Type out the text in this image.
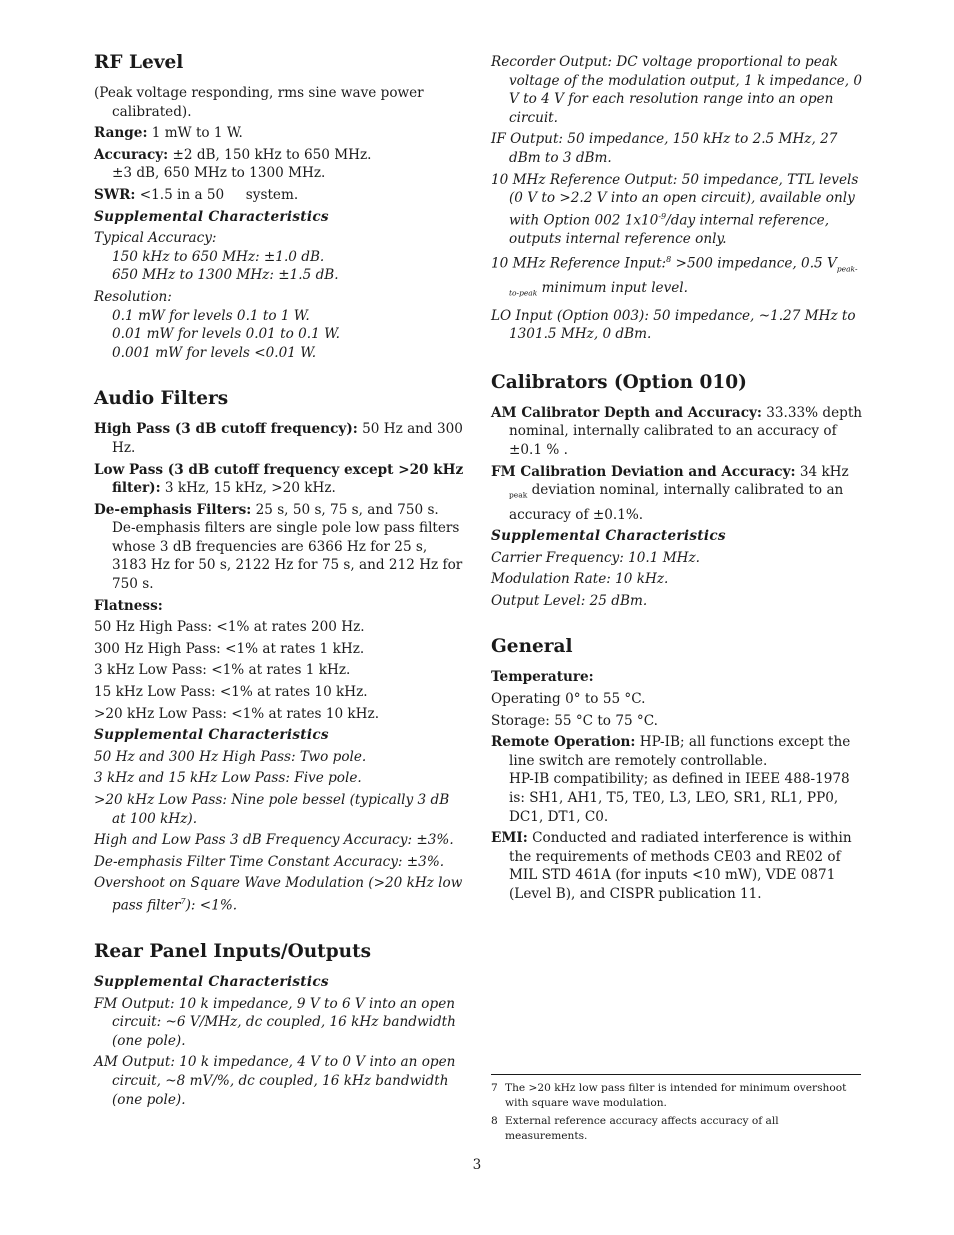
RF Level

(Peak voltage responding, rms sine wave power calibrated).

Range: 1 mW to 1 W.

Accuracy: ±2 dB, 150 kHz to 650 MHz.

±3 dB, 650 MHz to 1300 MHz.

SWR: <1.5 in a 50     system.

Supplemental Characteristics

Typical Accuracy:

150 kHz to 650 MHz: ±1.0 dB.

650 MHz to 1300 MHz: ±1.5 dB.

Resolution:

0.1 mW for levels 0.1 to 1 W.

0.01 mW for levels 0.01 to 0.1 W.

0.001 mW for levels <0.01 W.

Audio Filters

High Pass (3 dB cutoff frequency): 50 Hz and 300 Hz.

Low Pass (3 dB cutoff frequency except >20 kHz filter): 3 kHz, 15 kHz, >20 kHz.

De-emphasis Filters: 25 s, 50 s, 75 s, and 750 s. De-emphasis filters are single pole low pass filters whose 3 dB frequencies are 6366 Hz for 25 s, 3183 Hz for 50 s, 2122 Hz for 75 s, and 212 Hz for 750 s.

Flatness:

50 Hz High Pass: <1% at rates 200 Hz.

300 Hz High Pass: <1% at rates 1 kHz.

3 kHz Low Pass: <1% at rates 1 kHz.

15 kHz Low Pass: <1% at rates 10 kHz.

>20 kHz Low Pass: <1% at rates 10 kHz.

Supplemental Characteristics

50 Hz and 300 Hz High Pass: Two pole.

3 kHz and 15 kHz Low Pass: Five pole.

>20 kHz Low Pass: Nine pole bessel (typically 3 dB at 100 kHz).

High and Low Pass 3 dB Frequency Accuracy: ±3%.

De-emphasis Filter Time Constant Accuracy: ±3%.

Overshoot on Square Wave Modulation (>20 kHz low pass filter$^7$): <1%.

Rear Panel Inputs/Outputs

Supplemental Characteristics

FM Output: 10 k impedance, 9 V to 6 V into an open circuit: ~6 V/MHz, dc coupled, 16 kHz bandwidth (one pole).

AM Output: 10 k impedance, 4 V to 0 V into an open circuit, ~8 mV/%, dc coupled, 16 kHz bandwidth (one pole).

Recorder Output: DC voltage proportional to peak voltage of the modulation output, 1 k impedance, 0 V to 4 V for each resolution range into an open circuit.

IF Output: 50 impedance, 150 kHz to 2.5 MHz, 27 dBm to 3 dBm.

10 MHz Reference Output: 50 impedance, TTL levels (0 V to >2.2 V into an open circuit), available only with Option 002 $1x10^{-9}$/day internal reference, outputs internal reference only.

10 MHz Reference Input:$^8$ >500 impedance, 0.5 $V_{peak-to-peak}$ minimum input level.

LO Input (Option 003): 50 impedance, ~1.27 MHz to 1301.5 MHz, 0 dBm.

Calibrators (Option 010)

AM Calibrator Depth and Accuracy: 33.33% depth nominal, internally calibrated to an accuracy of ±0.1 % .

FM Calibration Deviation and Accuracy: 34 kHz $_{peak}$ deviation nominal, internally calibrated to an accuracy of ±0.1%.

Supplemental Characteristics

Carrier Frequency: 10.1 MHz.

Modulation Rate: 10 kHz.

Output Level: 25 dBm.

General

Temperature:

Operating 0° to 55 °C.

Storage: 55 °C to 75 °C.

Remote Operation: HP-IB; all functions except the line switch are remotely controllable.

HP-IB compatibility; as defined in IEEE 488-1978 is: SH1, AH1, T5, TE0, L3, LEO, SR1, RL1, PP0, DC1, DT1, C0.

EMI: Conducted and radiated interference is within the requirements of methods CE03 and RE02 of MIL STD 461A (for inputs <10 mW), VDE 0871 (Level B), and CISPR publication 11.

7 The >20 kHz low pass filter is intended for minimum overshoot with square wave modulation.

8 External reference accuracy affects accuracy of all measurements.

3
